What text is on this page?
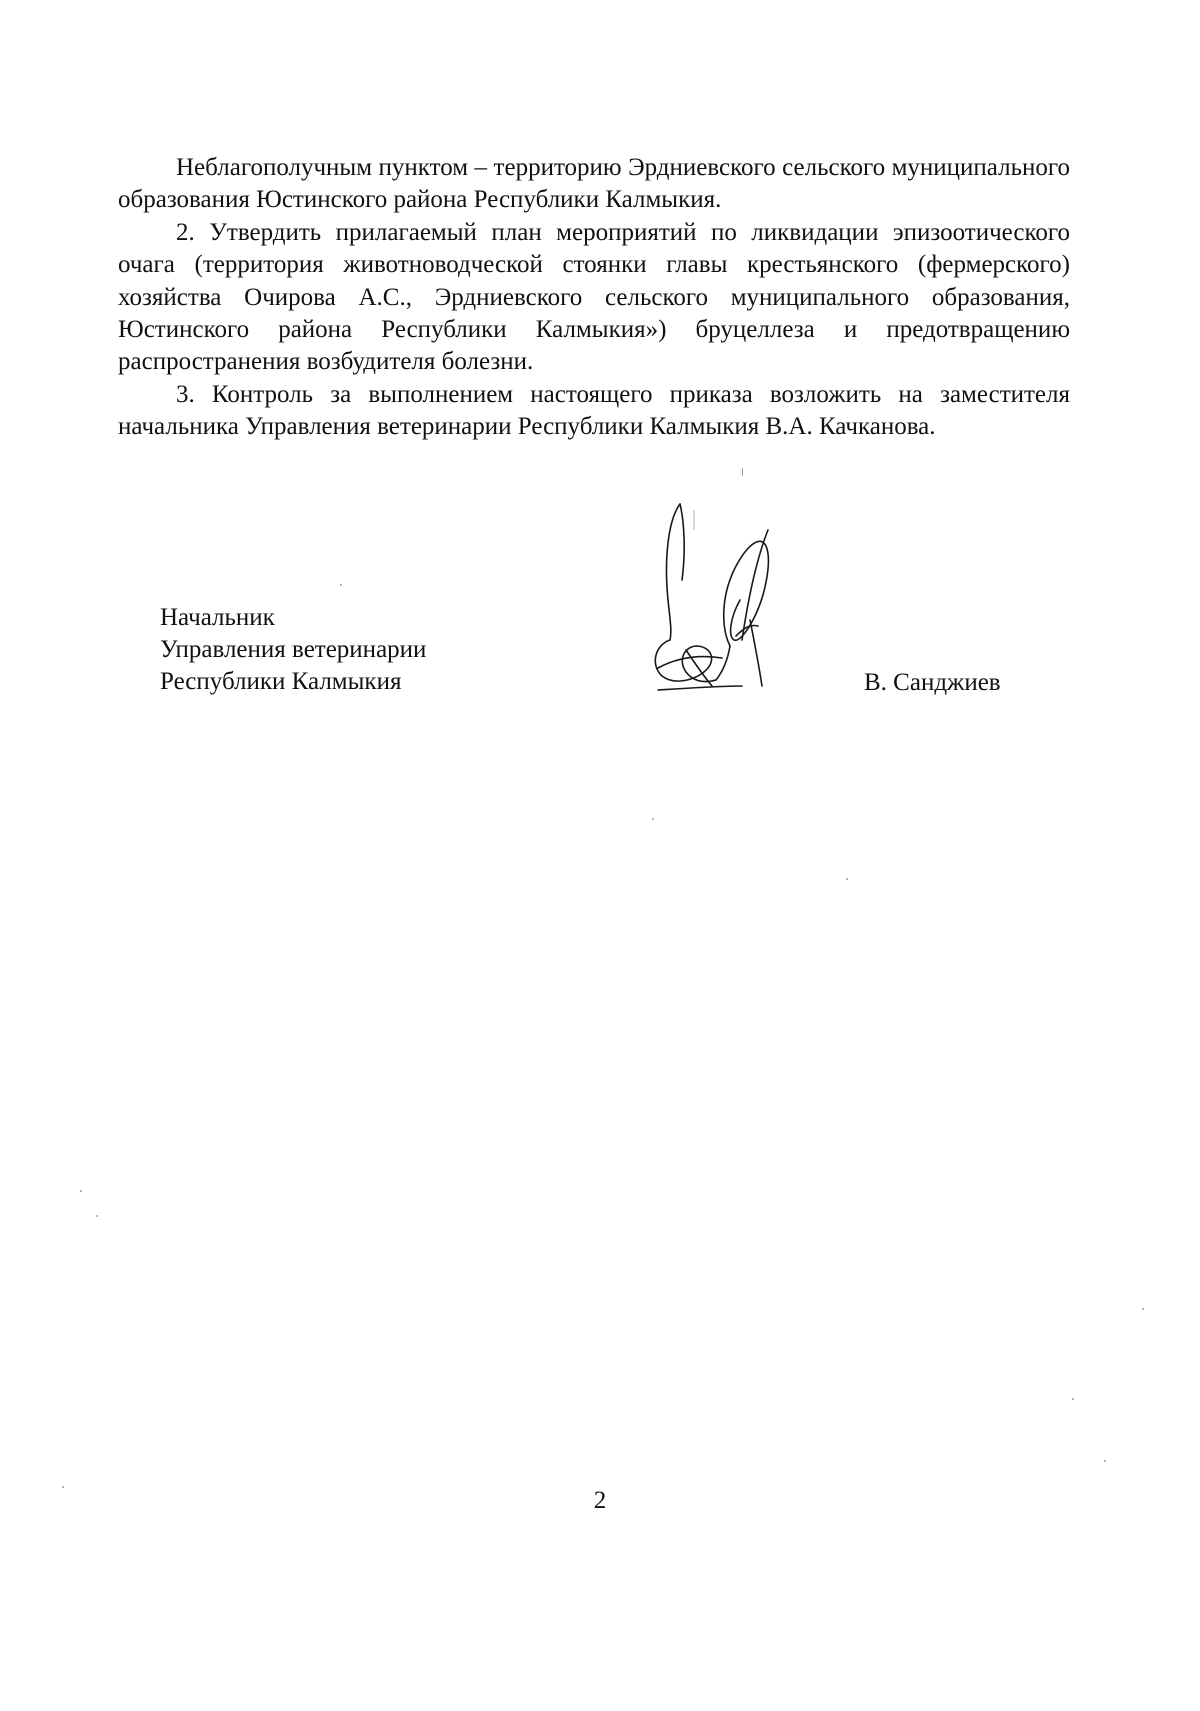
Неблагополучным пунктом – территорию Эрдниевского сельского муниципального образования Юстинского района Республики Калмыкия.

2. Утвердить прилагаемый план мероприятий по ликвидации эпизоотического очага (территория животноводческой стоянки главы крестьянского (фермерского) хозяйства Очирова А.С., Эрдниевского сельского муниципального образования, Юстинского района Республики Калмыкия») бруцеллеза и предотвращению распространения возбудителя болезни.

3. Контроль за выполнением настоящего приказа возложить на заместителя начальника Управления ветеринарии Республики Калмыкия В.А. Качканова.

Начальник
Управления ветеринарии
Республики Калмыкия	В. Санджиев
2
